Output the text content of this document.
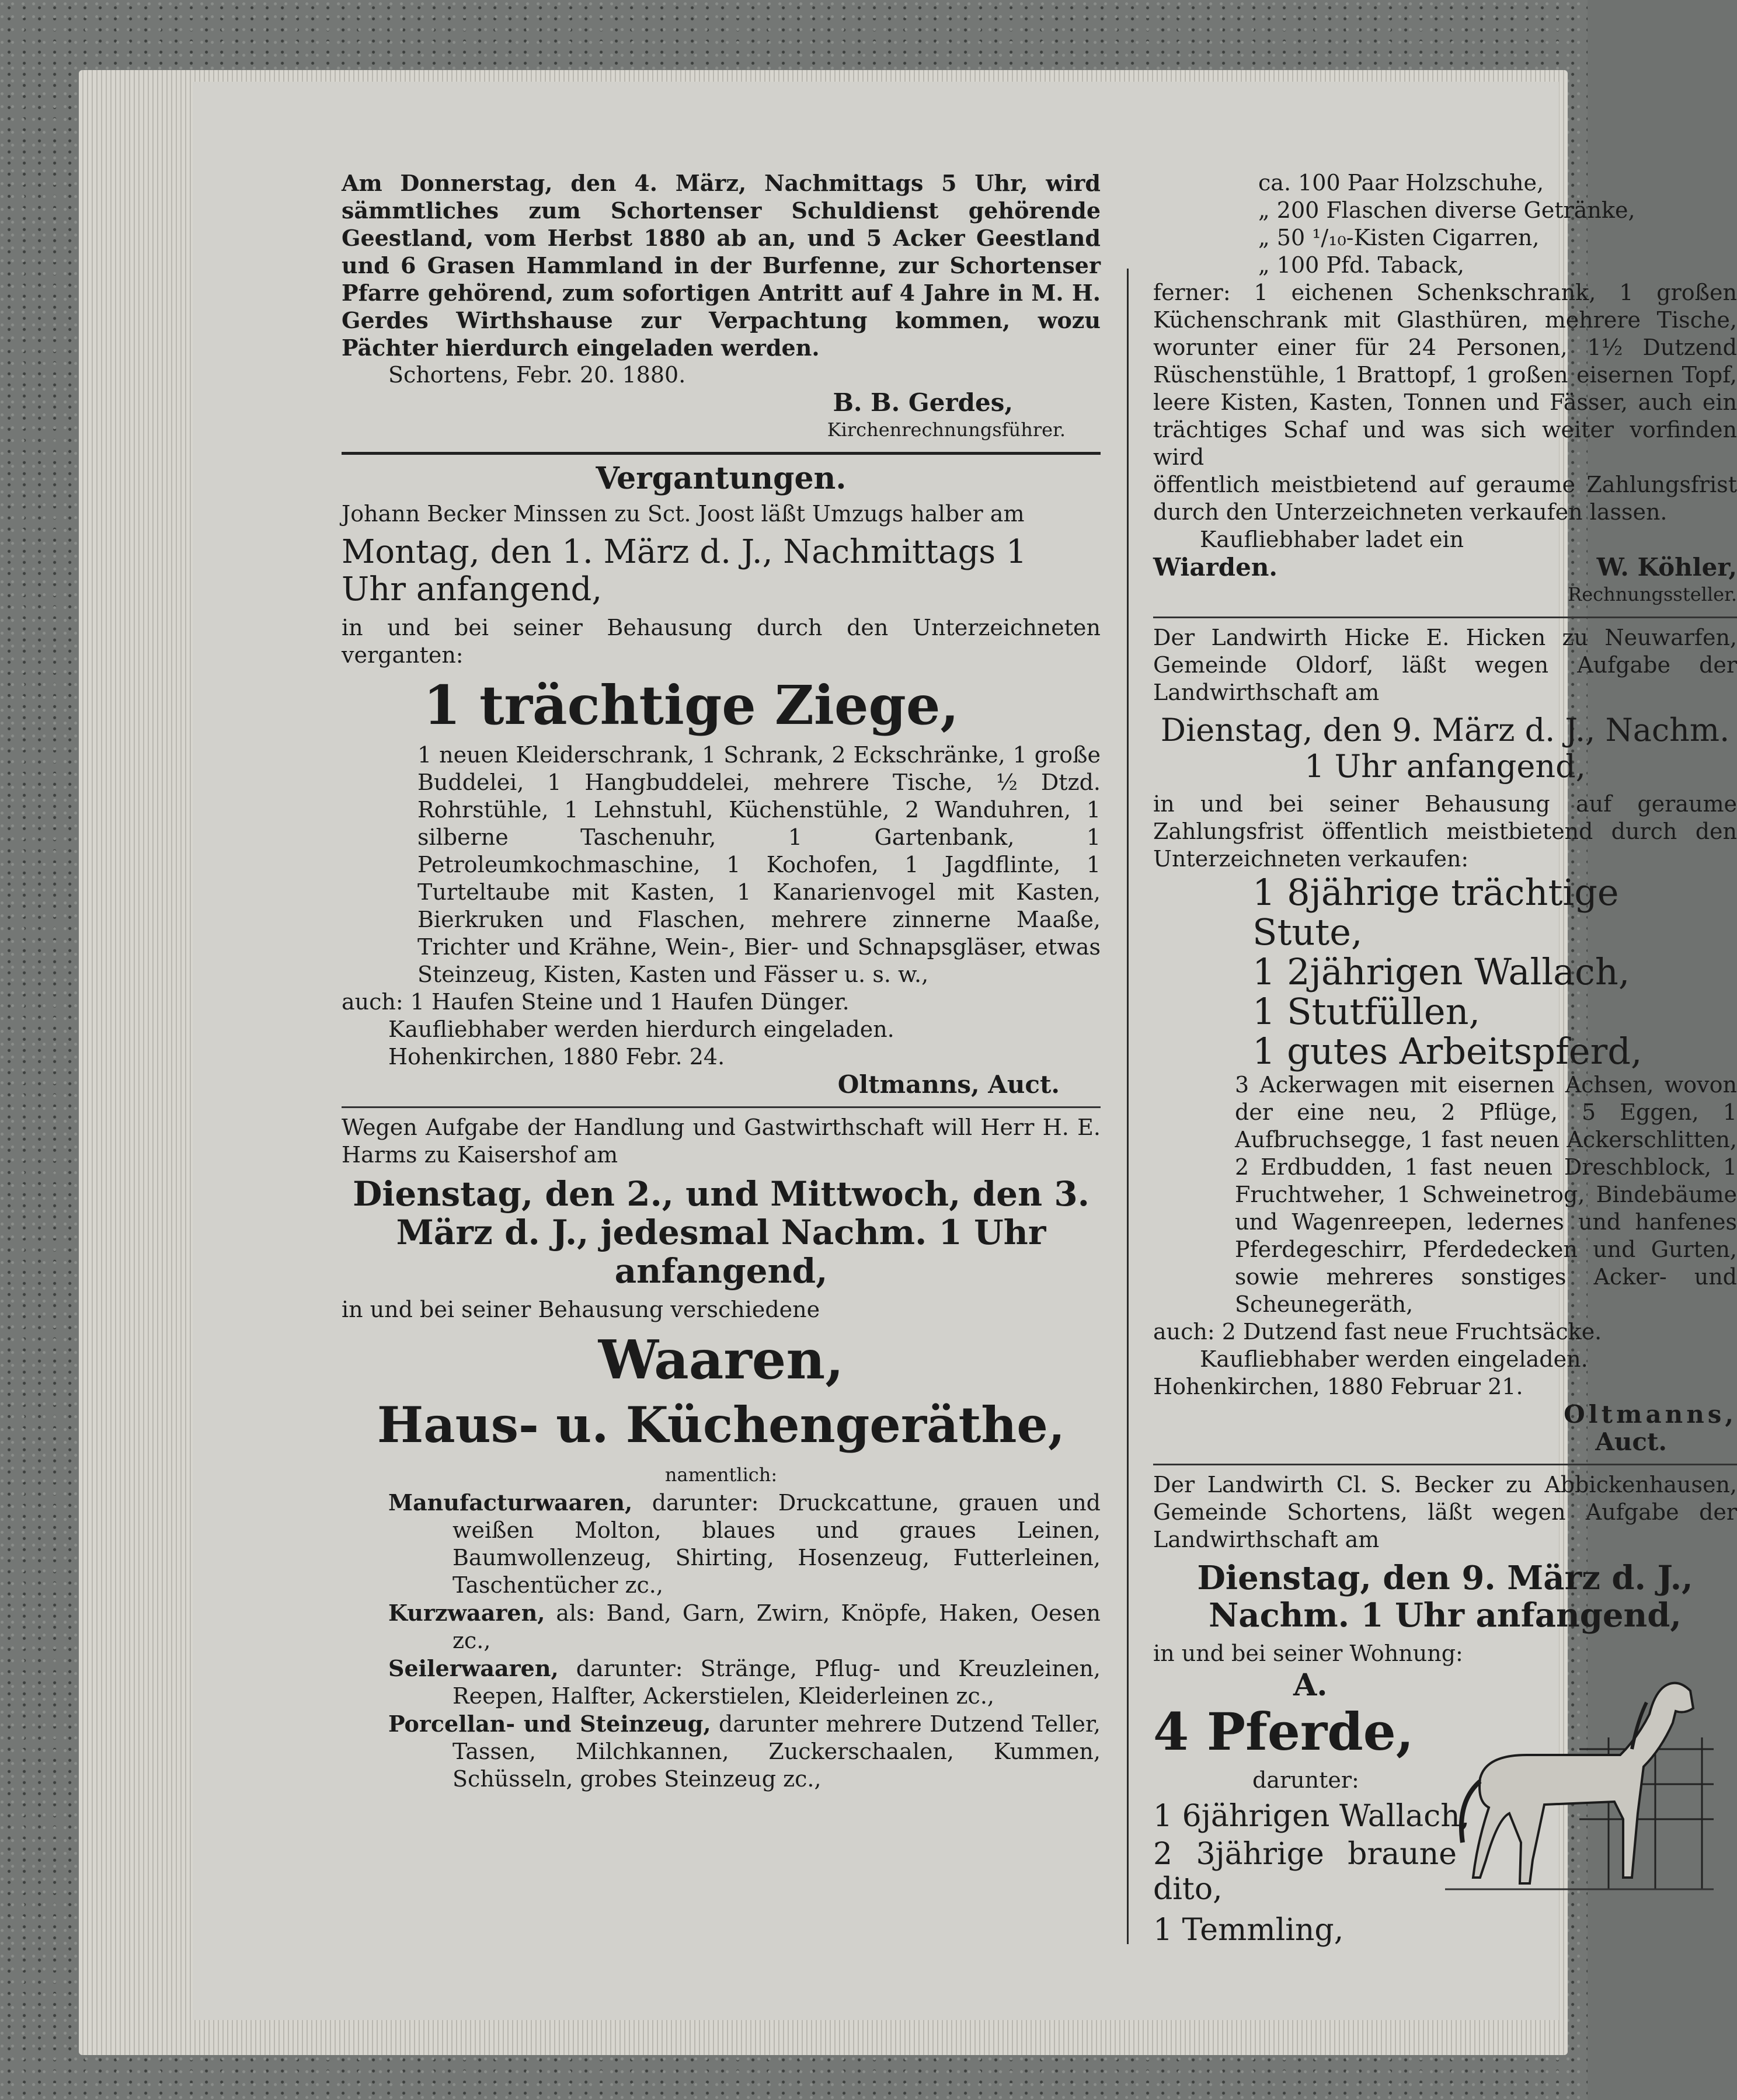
Am Donnerstag, den 4. März, Nachmittags 5 Uhr, wird sämmtliches zum Schortenser Schuldienst gehörende Geestland, vom Herbst 1880 ab an, und 5 Acker Geestland und 6 Grasen Hammland in der Burfenne, zur Schortenser Pfarre gehörend, zum sofortigen Antritt auf 4 Jahre in M. H. Gerdes Wirthshause zur Verpachtung kommen, wozu Pächter hierdurch eingeladen werden.

Schortens, Febr. 20. 1880.

B. B. Gerdes,

Kirchenrechnungsführer.

Vergantungen.

Johann Becker Minssen zu Sct. Joost läßt Umzugs halber am

Montag, den 1. März d. J., Nachmittags 1 Uhr anfangend,

in und bei seiner Behausung durch den Unterzeichneten verganten:

1 trächtige Ziege,

1 neuen Kleiderschrank, 1 Schrank, 2 Eckschränke, 1 große Buddelei, 1 Hangbuddelei, mehrere Tische, ½ Dtzd. Rohrstühle, 1 Lehnstuhl, Küchenstühle, 2 Wanduhren, 1 silberne Taschenuhr, 1 Gartenbank, 1 Petroleumkochmaschine, 1 Kochofen, 1 Jagdflinte, 1 Turteltaube mit Kasten, 1 Kanarienvogel mit Kasten, Bierkruken und Flaschen, mehrere zinnerne Maaße, Trichter und Krähne, Wein-, Bier- und Schnapsgläser, etwas Steinzeug, Kisten, Kasten und Fässer u. s. w.,

auch: 1 Haufen Steine und 1 Haufen Dünger.

Kaufliebhaber werden hierdurch eingeladen.

Hohenkirchen, 1880 Febr. 24.

Oltmanns, Auct.

Wegen Aufgabe der Handlung und Gastwirthschaft will Herr H. E. Harms zu Kaisershof am

Dienstag, den 2., und Mittwoch, den 3. März d. J., jedesmal Nachm. 1 Uhr anfangend,

in und bei seiner Behausung verschiedene

Waaren,

Haus- u. Küchengeräthe,

namentlich:

Manufacturwaaren, darunter: Druckcattune, grauen und weißen Molton, blaues und graues Leinen, Baumwollenzeug, Shirting, Hosenzeug, Futterleinen, Taschentücher zc.,

Kurzwaaren, als: Band, Garn, Zwirn, Knöpfe, Haken, Oesen zc.,

Seilerwaaren, darunter: Stränge, Pflug- und Kreuzleinen, Reepen, Halfter, Ackerstielen, Kleiderleinen zc.,

Porcellan- und Steinzeug, darunter mehrere Dutzend Teller, Tassen, Milchkannen, Zuckerschaalen, Kummen, Schüsseln, grobes Steinzeug zc.,

ca. 100 Paar Holzschuhe,

„ 200 Flaschen diverse Getränke,

„ 50 ¹/₁₀-Kisten Cigarren,

„ 100 Pfd. Taback,

ferner: 1 eichenen Schenkschrank, 1 großen Küchenschrank mit Glasthüren, mehrere Tische, worunter einer für 24 Personen, 1½ Dutzend Rüschenstühle, 1 Brattopf, 1 großen eisernen Topf, leere Kisten, Kasten, Tonnen und Fässer, auch ein trächtiges Schaf und was sich weiter vorfinden wird

öffentlich meistbietend auf geraume Zahlungsfrist durch den Unterzeichneten verkaufen lassen.

Kaufliebhaber ladet ein

Wiarden.	W. Köhler,

Rechnungssteller.

Der Landwirth Hicke E. Hicken zu Neuwarfen, Gemeinde Oldorf, läßt wegen Aufgabe der Landwirthschaft am

Dienstag, den 9. März d. J., Nachm. 1 Uhr anfangend,

in und bei seiner Behausung auf geraume Zahlungsfrist öffentlich meistbietend durch den Unterzeichneten verkaufen:

1 8jährige trächtige Stute,

1 2jährigen Wallach,

1 Stutfüllen,

1 gutes Arbeitspferd,

3 Ackerwagen mit eisernen Achsen, wovon der eine neu, 2 Pflüge, 5 Eggen, 1 Aufbruchsegge, 1 fast neuen Ackerschlitten, 2 Erdbudden, 1 fast neuen Dreschblock, 1 Fruchtweher, 1 Schweinetrog, Bindebäume und Wagenreepen, ledernes und hanfenes Pferdegeschirr, Pferdedecken und Gurten, sowie mehreres sonstiges Acker- und Scheunegeräth,

auch: 2 Dutzend fast neue Fruchtsäcke.

Kaufliebhaber werden eingeladen.

Hohenkirchen, 1880 Februar 21.

Oltmanns,

Auct.

Der Landwirth Cl. S. Becker zu Abbickenhausen, Gemeinde Schortens, läßt wegen Aufgabe der Landwirthschaft am

Dienstag, den 9. März d. J., Nachm. 1 Uhr anfangend,

in und bei seiner Wohnung:

A.

4 Pferde,

darunter:

1 6jährigen Wallach,

2 3jährige braune dito,

1 Temmling,
